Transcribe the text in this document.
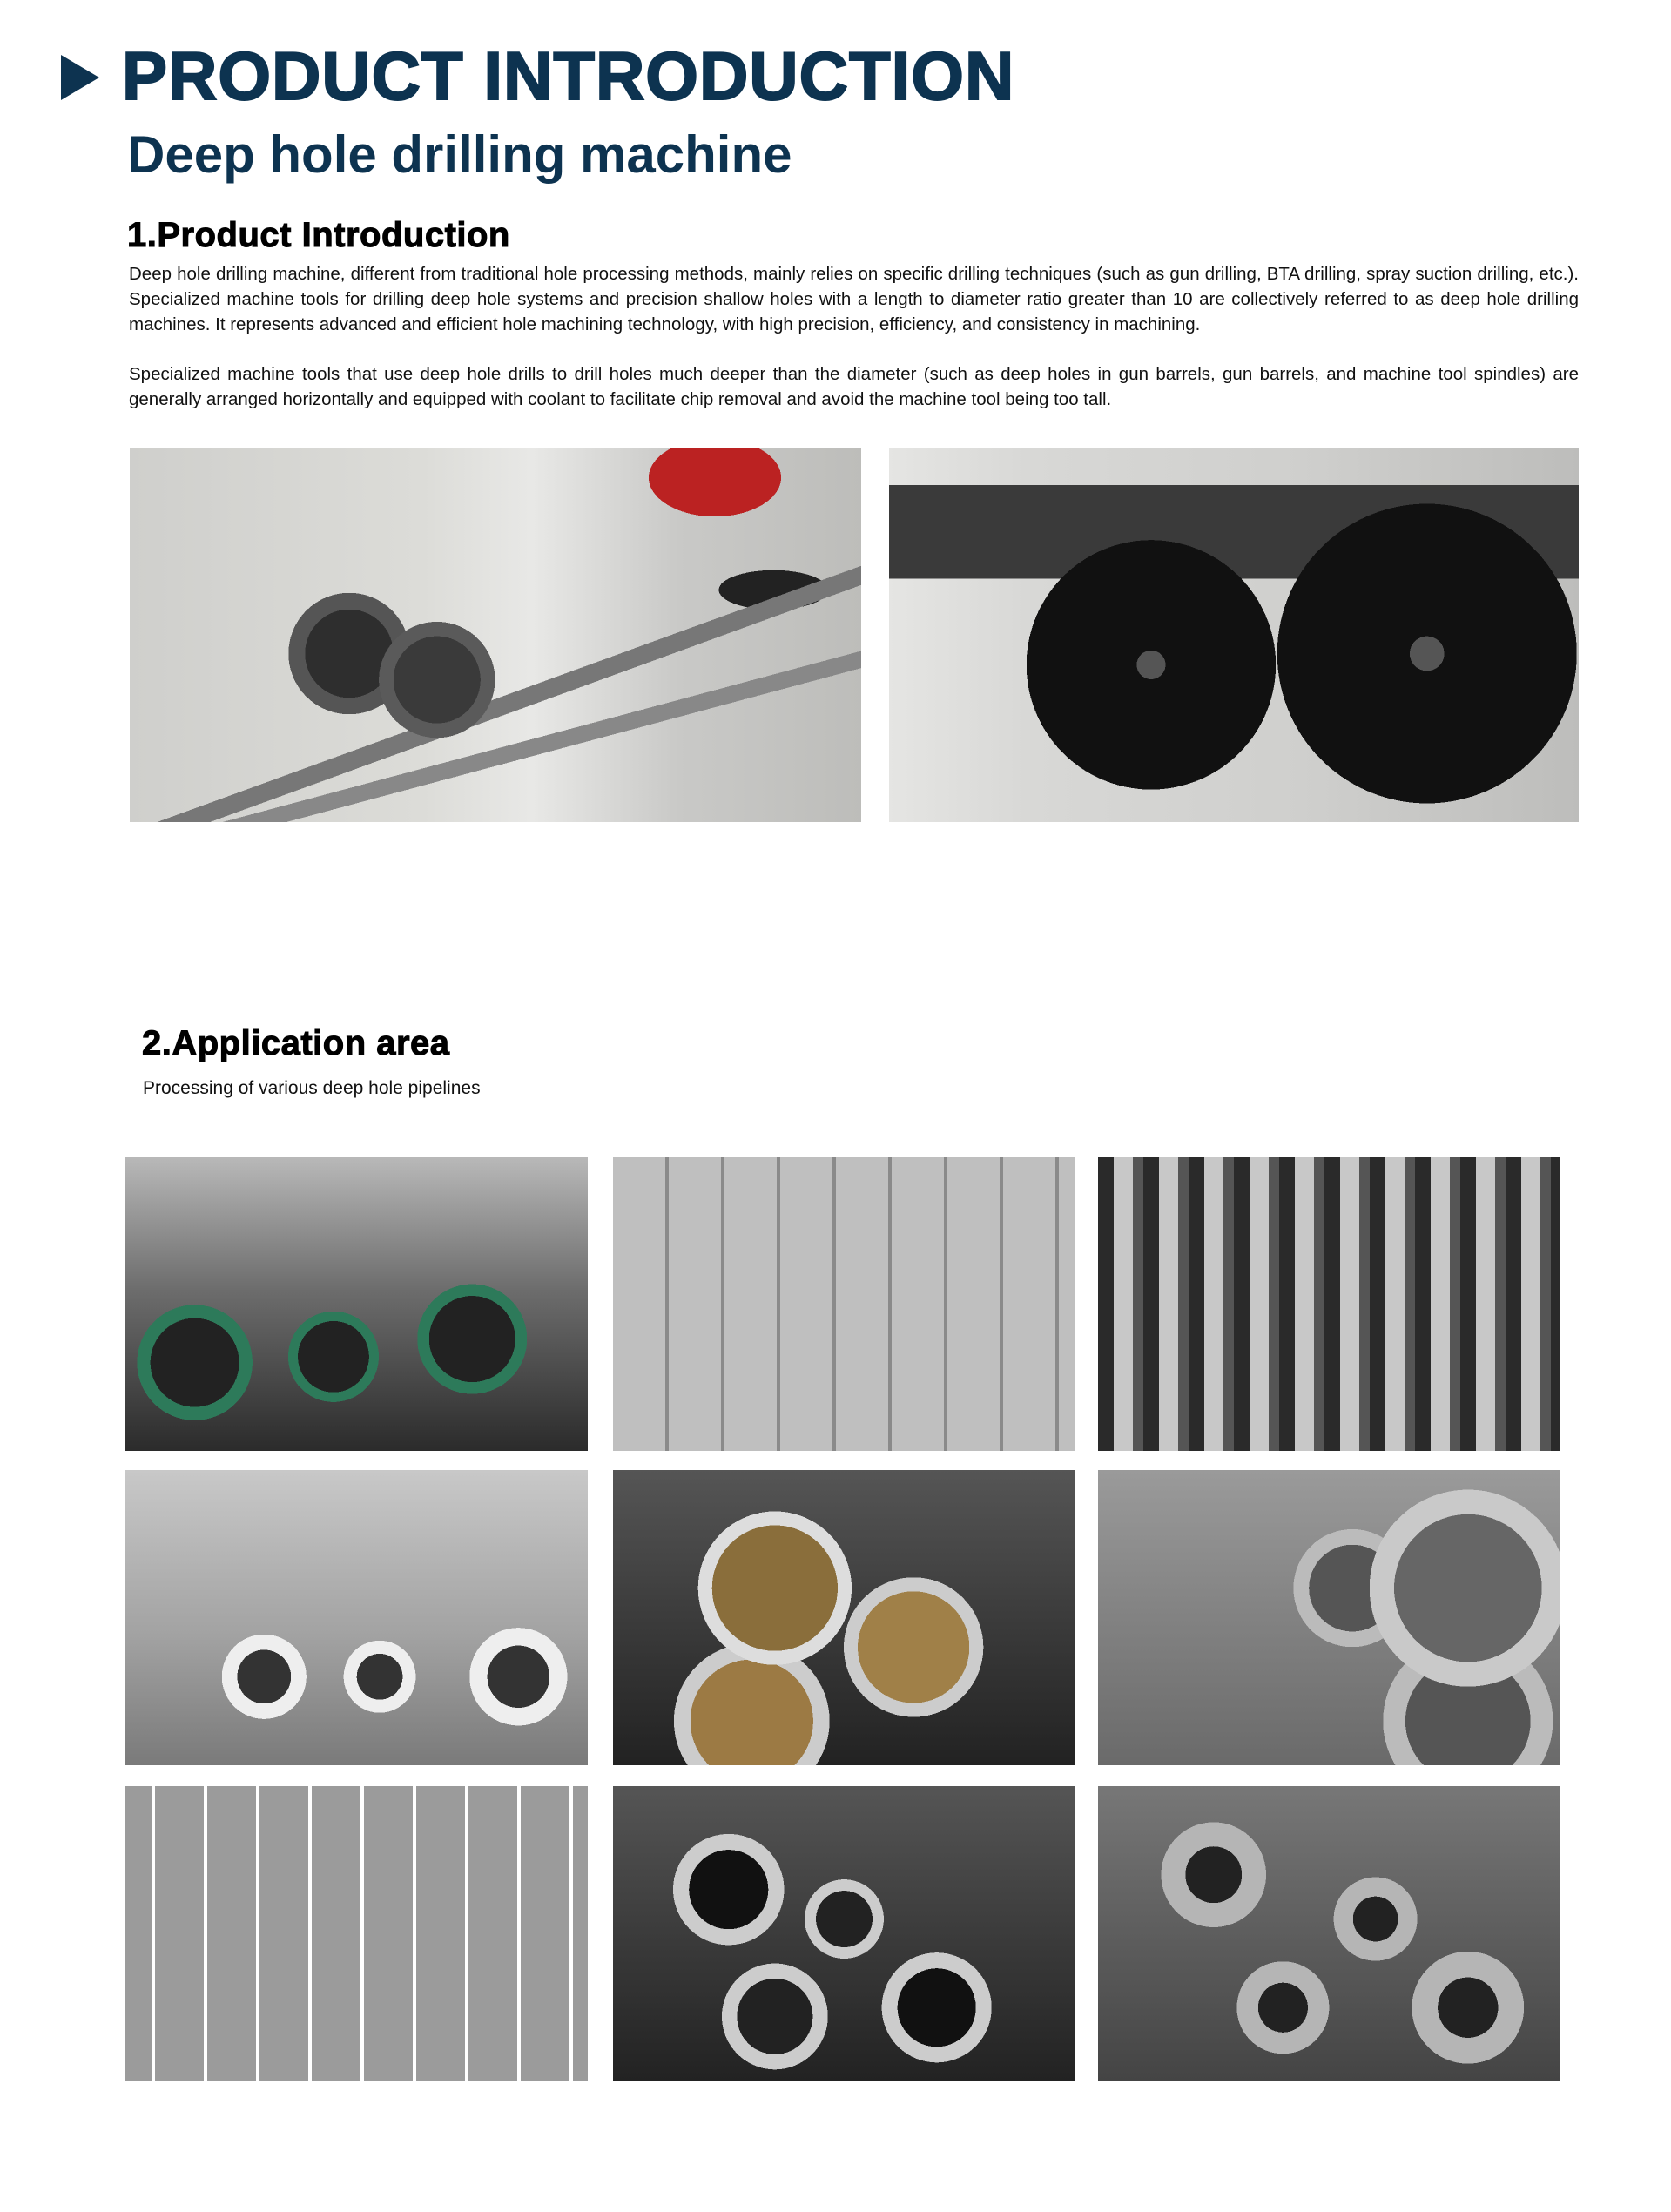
PRODUCT INTRODUCTION
Deep hole drilling machine
1.Product Introduction

Deep hole drilling machine, different from traditional hole processing methods, mainly relies on specific drilling techniques (such as gun drilling, BTA drilling, spray suction drilling, etc.). Specialized machine tools for drilling deep hole systems and precision shallow holes with a length to diameter ratio greater than 10 are collectively referred to as deep hole drilling machines. It represents advanced and efficient hole machining technology, with high precision, efficiency, and consistency in machining.

Specialized machine tools that use deep hole drills to drill holes much deeper than the diameter (such as deep holes in gun barrels, gun barrels, and machine tool spindles) are generally arranged horizontally and equipped with coolant to facilitate chip removal and avoid the machine tool being too tall.

2.Application area
Processing of various deep hole pipelines
